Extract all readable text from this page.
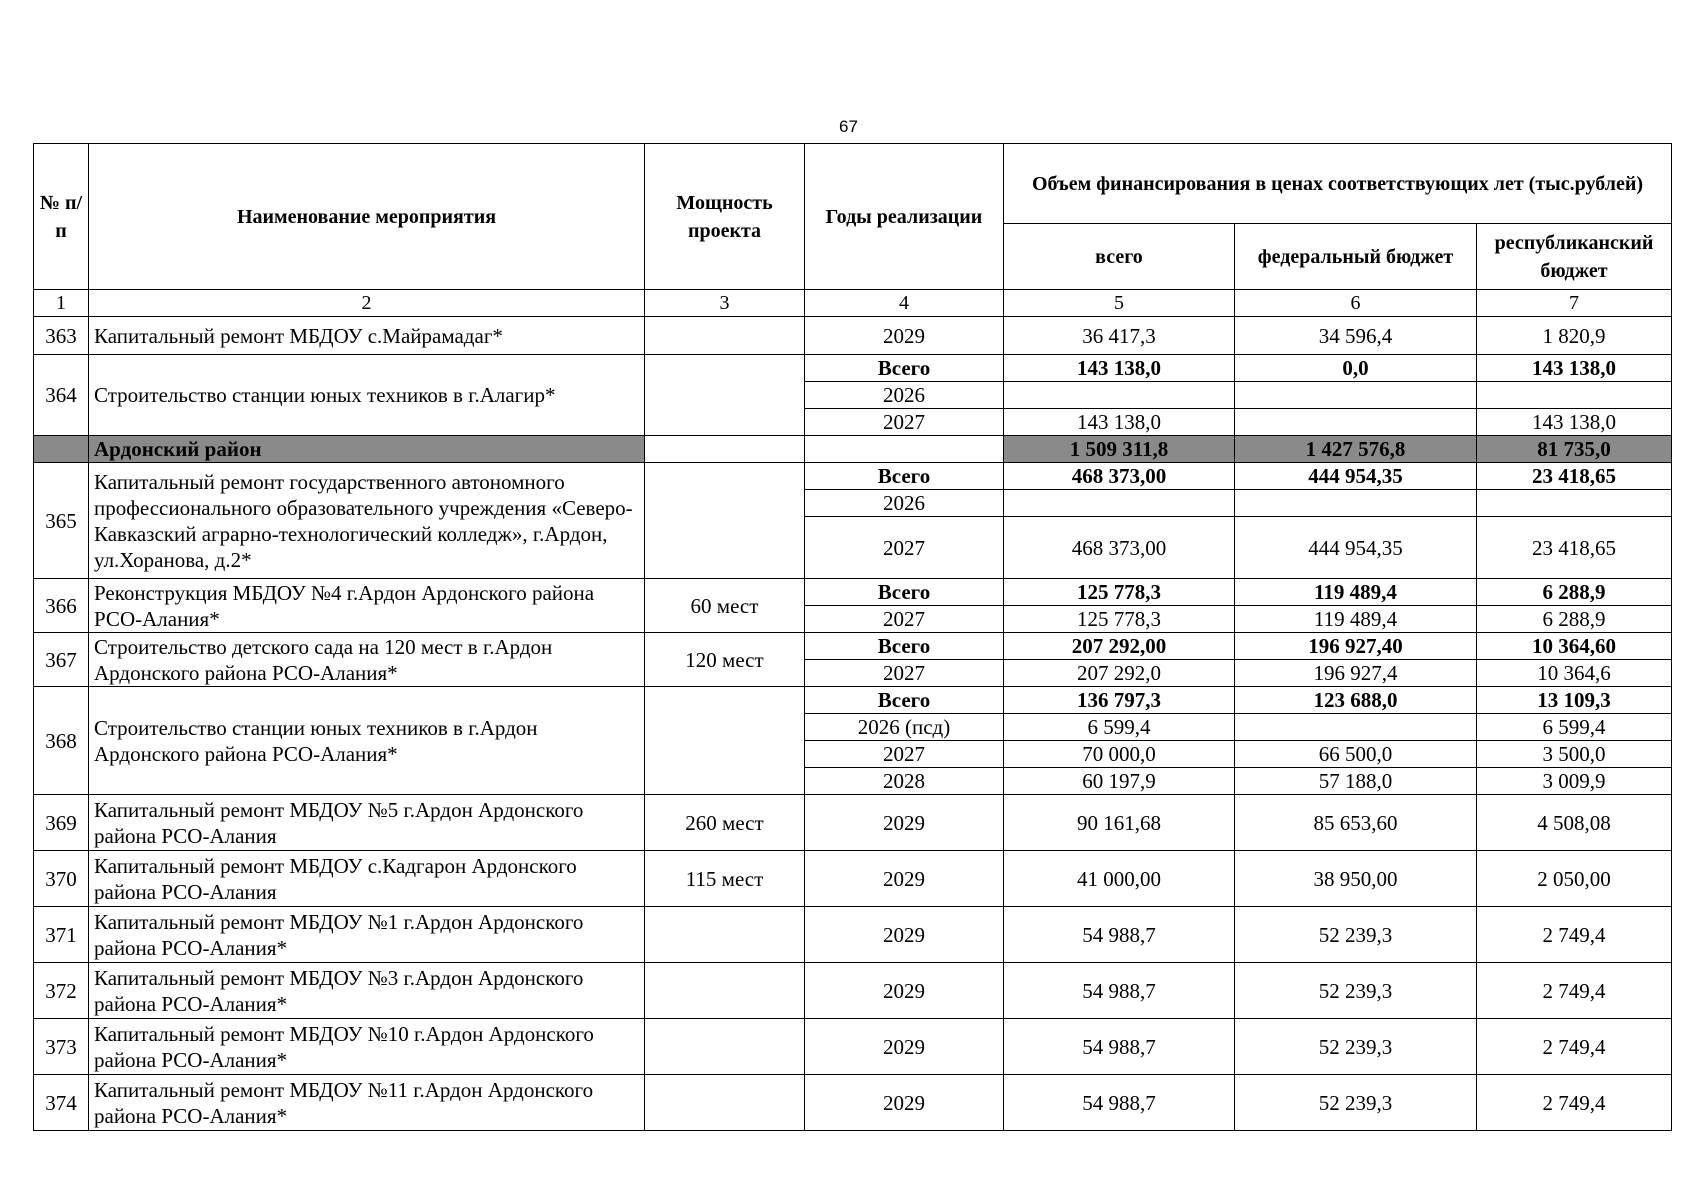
67
№ п/п	Наименование мероприятия	Мощность проекта	Годы реализации	Объем финансирования в ценах соответствующих лет (тыс.рублей)		
				всего	федеральный бюджет	республиканский бюджет
1	2	3	4	5	6	7
363	Капитальный ремонт МБДОУ с.Майрамадаг*		2029	36 417,3	34 596,4	1 820,9
364	Строительство станции юных техников в г.Алагир*		Всего	143 138,0	0,0	143 138,0
			2026			
			2027	143 138,0		143 138,0
	Ардонский район			1 509 311,8	1 427 576,8	81 735,0
365	Капитальный ремонт государственного автономного профессионального образовательного учреждения «Северо-Кавказский аграрно-технологический колледж», г.Ардон, ул.Хоранова, д.2*		Всего	468 373,00	444 954,35	23 418,65
			2026			
			2027	468 373,00	444 954,35	23 418,65
366	Реконструкция МБДОУ №4 г.Ардон Ардонского района РСО-Алания*	60 мест	Всего	125 778,3	119 489,4	6 288,9
			2027	125 778,3	119 489,4	6 288,9
367	Строительство детского сада на 120 мест в г.Ардон Ардонского района РСО-Алания*	120 мест	Всего	207 292,00	196 927,40	10 364,60
			2027	207 292,0	196 927,4	10 364,6
368	Строительство станции юных техников в г.Ардон Ардонского района РСО-Алания*		Всего	136 797,3	123 688,0	13 109,3
			2026 (псд)	6 599,4		6 599,4
			2027	70 000,0	66 500,0	3 500,0
			2028	60 197,9	57 188,0	3 009,9
369	Капитальный ремонт МБДОУ №5 г.Ардон Ардонского района РСО-Алания	260 мест	2029	90 161,68	85 653,60	4 508,08
370	Капитальный ремонт МБДОУ с.Кадгарон Ардонского района РСО-Алания	115 мест	2029	41 000,00	38 950,00	2 050,00
371	Капитальный ремонт МБДОУ №1 г.Ардон Ардонского района РСО-Алания*		2029	54 988,7	52 239,3	2 749,4
372	Капитальный ремонт МБДОУ №3 г.Ардон Ардонского района РСО-Алания*		2029	54 988,7	52 239,3	2 749,4
373	Капитальный ремонт МБДОУ №10 г.Ардон Ардонского района РСО-Алания*		2029	54 988,7	52 239,3	2 749,4
374	Капитальный ремонт МБДОУ №11 г.Ардон Ардонского района РСО-Алания*		2029	54 988,7	52 239,3	2 749,4
